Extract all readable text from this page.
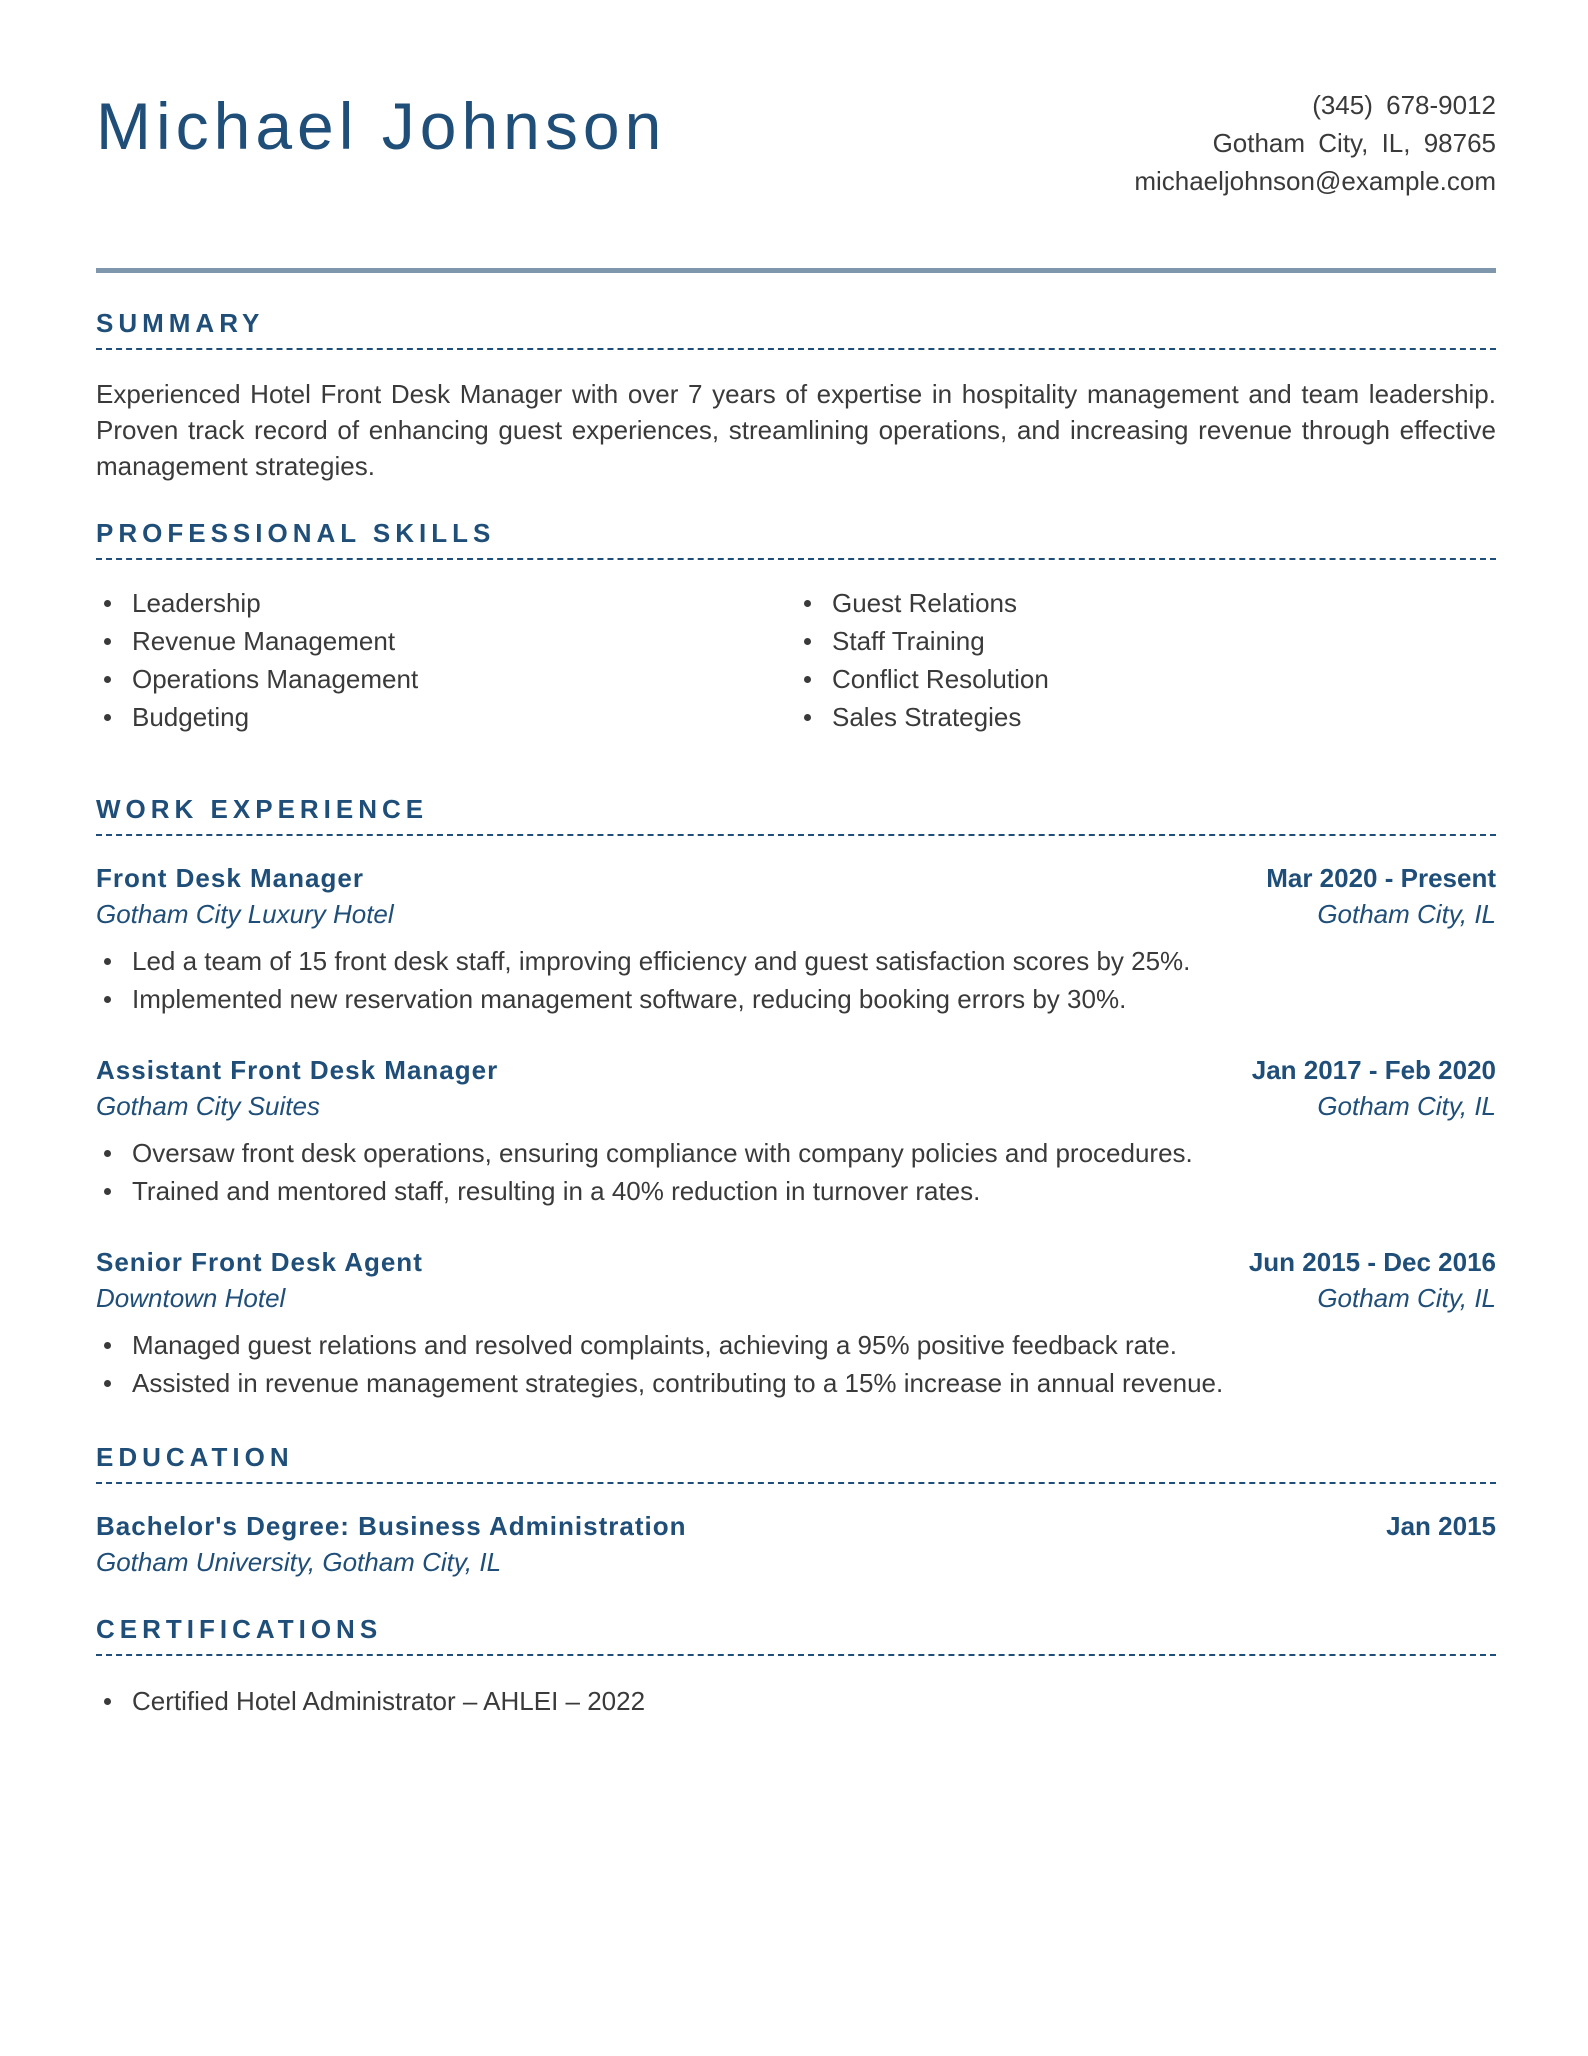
Michael Johnson	(345) 678-9012
Gotham City, IL, 98765
michaeljohnson@example.com
SUMMARY

Experienced Hotel Front Desk Manager with over 7 years of expertise in hospitality management and team leadership. Proven track record of enhancing guest experiences, streamlining operations, and increasing revenue through effective management strategies.

PROFESSIONAL SKILLS
Leadership
Revenue Management
Operations Management
Budgeting
Guest Relations
Staff Training
Conflict Resolution
Sales Strategies
WORK EXPERIENCE
Front Desk Manager	Mar 2020 - Present
Gotham City Luxury Hotel	Gotham City, IL
Led a team of 15 front desk staff, improving efficiency and guest satisfaction scores by 25%.
Implemented new reservation management software, reducing booking errors by 30%.
Assistant Front Desk Manager	Jan 2017 - Feb 2020
Gotham City Suites	Gotham City, IL
Oversaw front desk operations, ensuring compliance with company policies and procedures.
Trained and mentored staff, resulting in a 40% reduction in turnover rates.
Senior Front Desk Agent	Jun 2015 - Dec 2016
Downtown Hotel	Gotham City, IL
Managed guest relations and resolved complaints, achieving a 95% positive feedback rate.
Assisted in revenue management strategies, contributing to a 15% increase in annual revenue.
EDUCATION
Bachelor's Degree: Business Administration	Jan 2015
Gotham University, Gotham City, IL
CERTIFICATIONS
Certified Hotel Administrator – AHLEI – 2022
